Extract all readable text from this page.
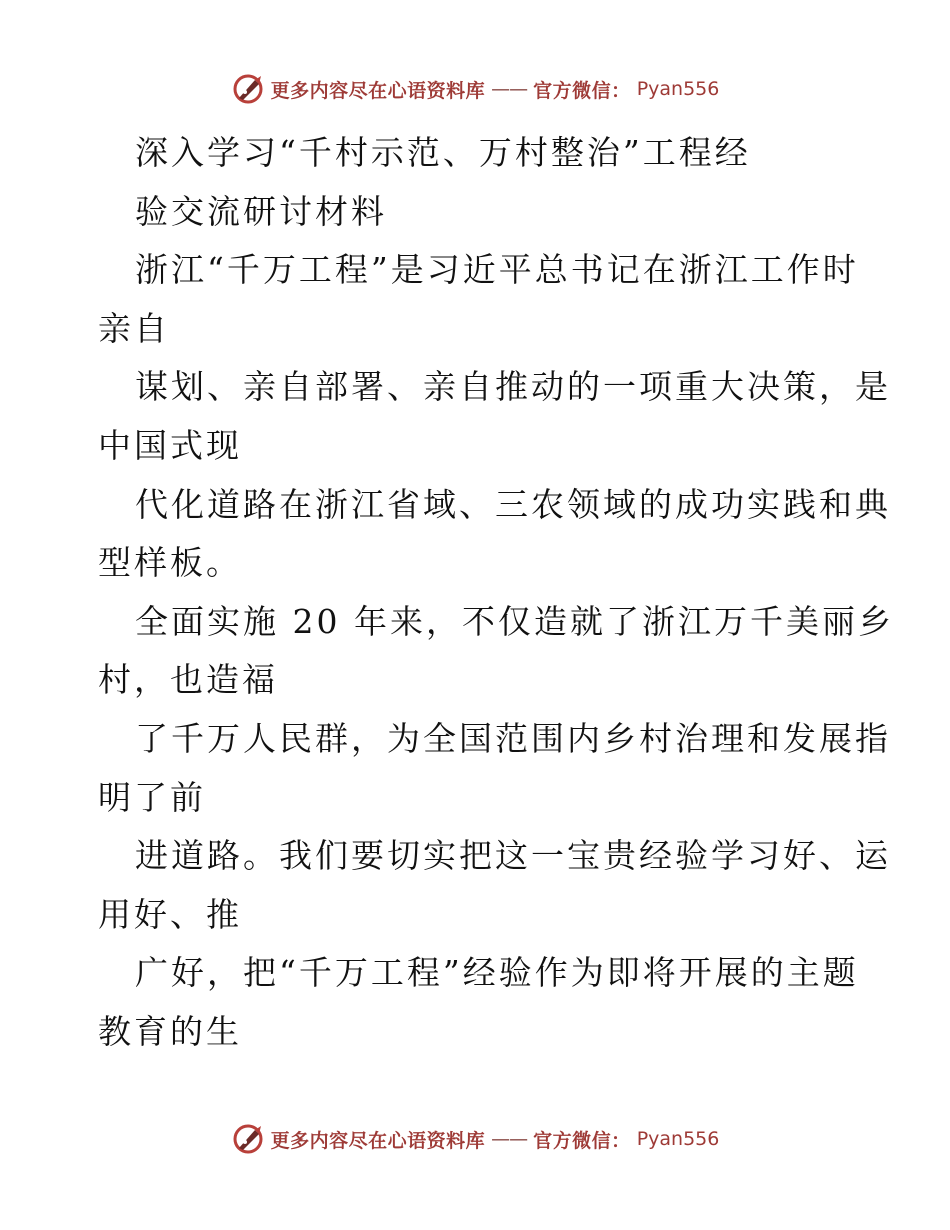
更多内容尽在心语资料库 —— 官方微信： Pyan556
深入学习“千村示范、万村整治”工程经
验交流研讨材料
浙江“千万工程”是习近平总书记在浙江工作时
亲自
谋划、亲自部署、亲自推动的一项重大决策，是
中国式现
代化道路在浙江省域、三农领域的成功实践和典
型样板。
全面实施 20 年来，不仅造就了浙江万千美丽乡
村，也造福
了千万人民群，为全国范围内乡村治理和发展指
明了前
进道路。我们要切实把这一宝贵经验学习好、运
用好、推
广好，把“千万工程”经验作为即将开展的主题
教育的生
更多内容尽在心语资料库 —— 官方微信： Pyan556
